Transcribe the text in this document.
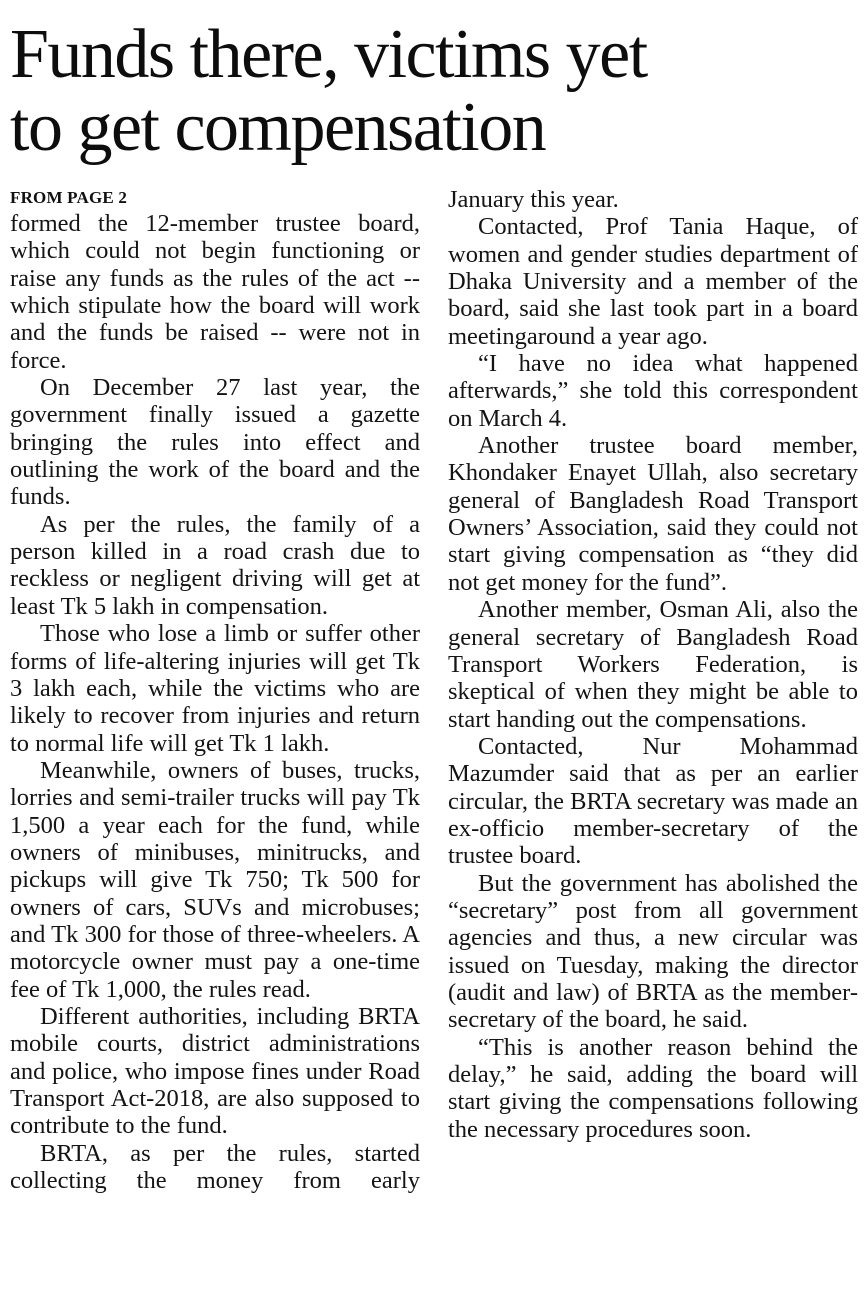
Funds there, victims yet
to get compensation
FROM PAGE 2

formed the 12-member trustee board, which could not begin functioning or raise any funds as the rules of the act -- which stipulate how the board will work and the funds be raised -- were not in force.

On December 27 last year, the government finally issued a gazette bringing the rules into effect and outlining the work of the board and the funds.

As per the rules, the family of a person killed in a road crash due to reckless or negligent driving will get at least Tk 5 lakh in compensation.

Those who lose a limb or suffer other forms of life-altering injuries will get Tk 3 lakh each, while the victims who are likely to recover from injuries and return to normal life will get Tk 1 lakh.

Meanwhile, owners of buses, trucks, lorries and semi-trailer trucks will pay Tk 1,500 a year each for the fund, while owners of minibuses, minitrucks, and pickups will give Tk 750; Tk 500 for owners of cars, SUVs and microbuses; and Tk 300 for those of three-wheelers. A motorcycle owner must pay a one-time fee of Tk 1,000, the rules read.

Different authorities, including BRTA mobile courts, district administrations and police, who impose fines under Road Transport Act-2018, are also supposed to contribute to the fund.

BRTA, as per the rules, started collecting the money from early

January this year.

Contacted, Prof Tania Haque, of women and gender studies department of Dhaka University and a member of the board, said she last took part in a board meetingaround a year ago.

“I have no idea what happened afterwards,” she told this correspondent on March 4.

Another trustee board member, Khondaker Enayet Ullah, also secretary general of Bangladesh Road Transport Owners’ Association, said they could not start giving compensation as “they did not get money for the fund”.

Another member, Osman Ali, also the general secretary of Bangladesh Road Transport Workers Federation, is skeptical of when they might be able to start handing out the compensations.

Contacted, Nur Mohammad Mazumder said that as per an earlier circular, the BRTA secretary was made an ex-officio member-secretary of the trustee board.

But the government has abolished the “secretary” post from all government agencies and thus, a new circular was issued on Tuesday, making the director (audit and law) of BRTA as the member-secretary of the board, he said.

“This is another reason behind the delay,” he said, adding the board will start giving the compensations following the necessary procedures soon.
